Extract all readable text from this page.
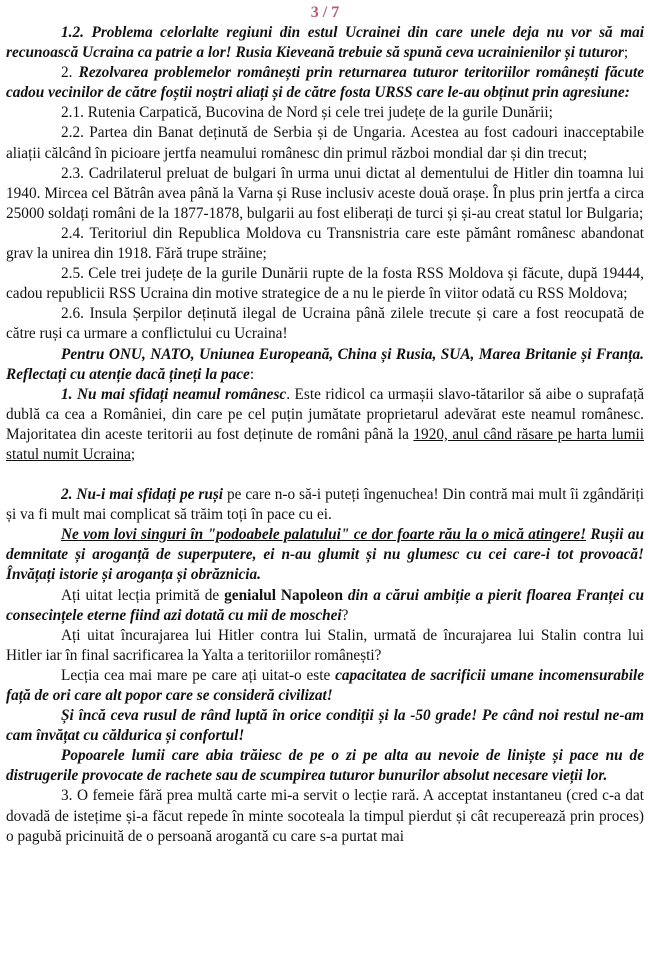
3 / 7

1.2. Problema celorlalte regiuni din estul Ucrainei din care unele deja nu vor să mai recunoască Ucraina ca patrie a lor! Rusia Kieveană trebuie să spună ceva ucrainienilor și tuturor;

2. Rezolvarea problemelor românești prin returnarea tuturor teritoriilor românești făcute cadou vecinilor de către foștii noștri aliați și de către fosta URSS care le-au obținut prin agresiune:

2.1. Rutenia Carpatică, Bucovina de Nord și cele trei județe de la gurile Dunării;

2.2. Partea din Banat deținută de Serbia și de Ungaria. Acestea au fost cadouri inacceptabile aliații călcând în picioare jertfa neamului românesc din primul război mondial dar și din trecut;

2.3. Cadrilaterul preluat de bulgari în urma unui dictat al dementului de Hitler din toamna lui 1940. Mircea cel Bătrân avea până la Varna și Ruse inclusiv aceste două orașe. În plus prin jertfa a circa 25000 soldați români de la 1877-1878, bulgarii au fost eliberați de turci și și-au creat statul lor Bulgaria;

2.4. Teritoriul din Republica Moldova cu Transnistria care este pământ românesc abandonat grav la unirea din 1918. Fără trupe străine;

2.5. Cele trei județe de la gurile Dunării rupte de la fosta RSS Moldova și făcute, după 19444, cadou republicii RSS Ucraina din motive strategice de a nu le pierde în viitor odată cu RSS Moldova;

2.6. Insula Șerpilor deținută ilegal de Ucraina până zilele trecute și care a fost reocupată de către ruși ca urmare a conflictului cu Ucraina!

Pentru ONU, NATO, Uniunea Europeană, China și Rusia, SUA, Marea Britanie și Franța. Reflectați cu atenție dacă țineți la pace:

1. Nu mai sfidați neamul românesc. Este ridicol ca urmașii slavo-tătarilor să aibe o suprafață dublă ca cea a României, din care pe cel puțin jumătate proprietarul adevărat este neamul românesc. Majoritatea din aceste teritorii au fost deținute de români până la 1920, anul când răsare pe harta lumii statul numit Ucraina;

2. Nu-i mai sfidați pe ruși pe care n-o să-i puteți îngenuchea! Din contră mai mult îi zgândăriți și va fi mult mai complicat să trăim toți în pace cu ei.

Ne vom lovi singuri în "podoabele palatului" ce dor foarte rău la o mică atingere! Rușii au demnitate și aroganță de superputere, ei n-au glumit și nu glumesc cu cei care-i tot provoacă! Învățați istorie și aroganța și obrăznicia.

Ați uitat lecția primită de genialul Napoleon din a cărui ambiție a pierit floarea Franței cu consecințele eterne fiind azi dotată cu mii de moschei?

Ați uitat încurajarea lui Hitler contra lui Stalin, urmată de încurajarea lui Stalin contra lui Hitler iar în final sacrificarea la Yalta a teritoriilor românești?

Lecția cea mai mare pe care ați uitat-o este capacitatea de sacrificii umane incomensurabile față de ori care alt popor care se consideră civilizat!

Și încă ceva rusul de rând luptă în orice condiții și la -50 grade! Pe când noi restul ne-am cam învățat cu căldurica și confortul!

Popoarele lumii care abia trăiesc de pe o zi pe alta au nevoie de liniște și pace nu de distrugerile provocate de rachete sau de scumpirea tuturor bunurilor absolut necesare vieții lor.

3. O femeie fără prea multă carte mi-a servit o lecție rară. A acceptat instantaneu (cred c-a dat dovadă de istețime și-a făcut repede în minte socoteala la timpul pierdut și cât recuperează prin proces) o pagubă pricinuită de o persoană arogantă cu care s-a purtat mai
